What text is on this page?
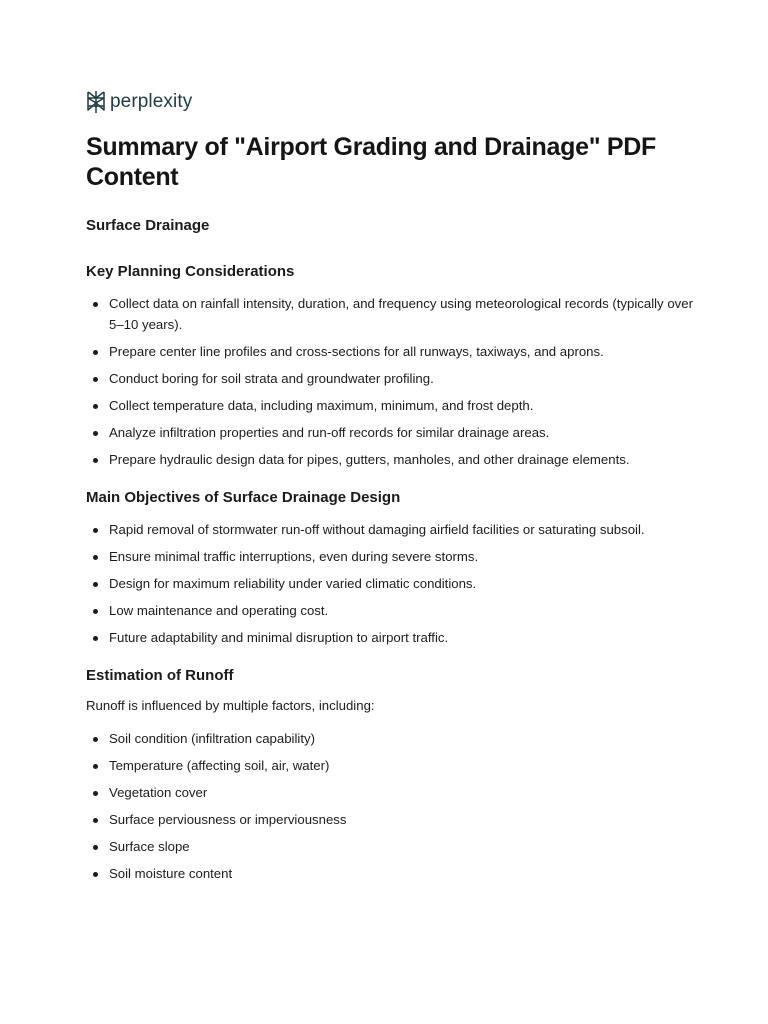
perplexity
Summary of "Airport Grading and Drainage" PDF Content
Surface Drainage
Key Planning Considerations
Collect data on rainfall intensity, duration, and frequency using meteorological records (typically over 5–10 years).
Prepare center line profiles and cross-sections for all runways, taxiways, and aprons.
Conduct boring for soil strata and groundwater profiling.
Collect temperature data, including maximum, minimum, and frost depth.
Analyze infiltration properties and run-off records for similar drainage areas.
Prepare hydraulic design data for pipes, gutters, manholes, and other drainage elements.
Main Objectives of Surface Drainage Design
Rapid removal of stormwater run-off without damaging airfield facilities or saturating subsoil.
Ensure minimal traffic interruptions, even during severe storms.
Design for maximum reliability under varied climatic conditions.
Low maintenance and operating cost.
Future adaptability and minimal disruption to airport traffic.
Estimation of Runoff

Runoff is influenced by multiple factors, including:

Soil condition (infiltration capability)
Temperature (affecting soil, air, water)
Vegetation cover
Surface perviousness or imperviousness
Surface slope
Soil moisture content
